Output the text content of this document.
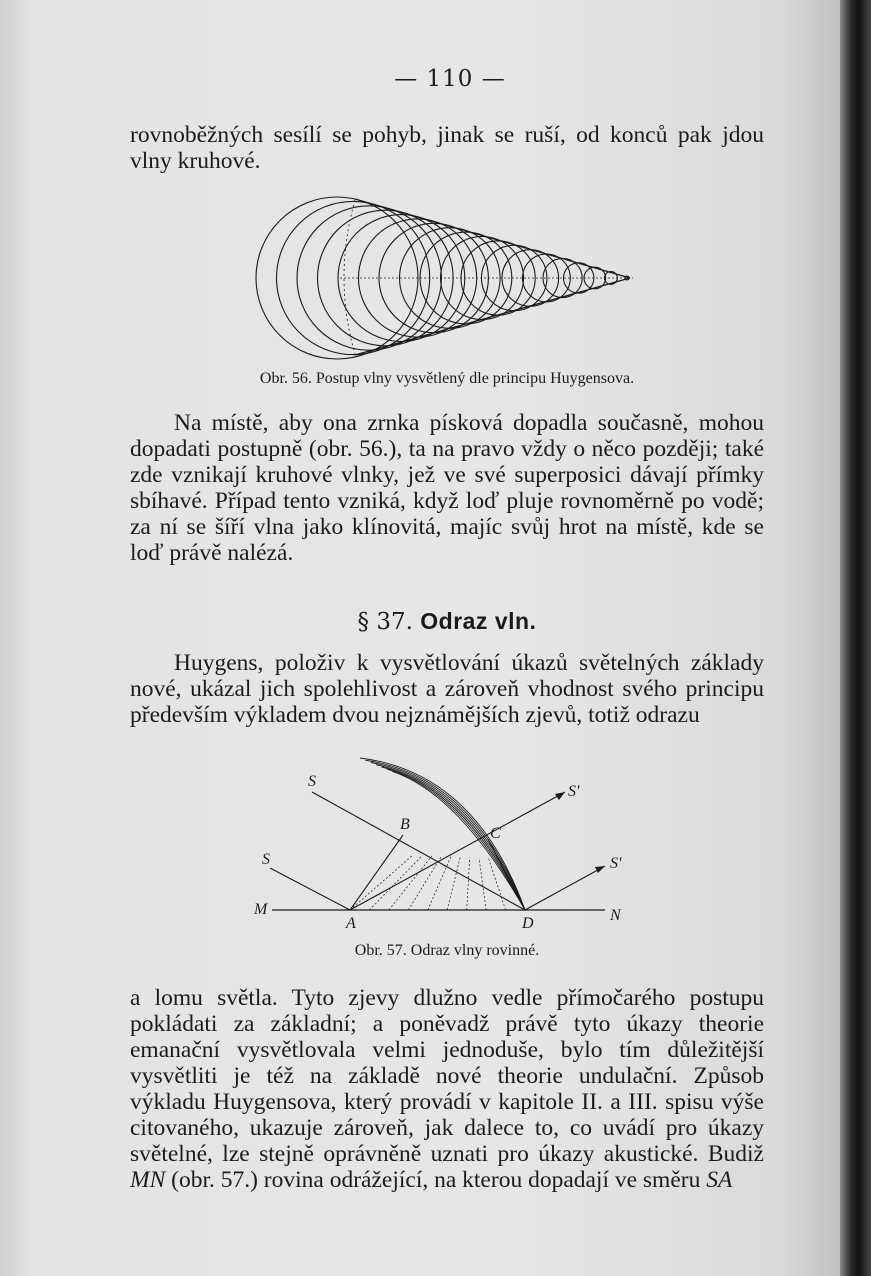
— 110 —

rovnoběžných sesílí se pohyb, jinak se ruší, od konců pak jdou vlny kruhové.

Obr. 56. Postup vlny vysvětlený dle principu Huygensova.

Na místě, aby ona zrnka písková dopadla současně, mohou dopadati postupně (obr. 56.), ta na pravo vždy o něco později; také zde vznikají kruhové vlnky, jež ve své superposici dávají přímky sbíhavé. Případ tento vzniká, když loď pluje rovnoměrně po vodě; za ní se šíří vlna jako klínovitá, majíc svůj hrot na místě, kde se loď právě nalézá.

§ 37. Odraz vln.

Huygens, položiv k vysvětlování úkazů světelných základy nové, ukázal jich spolehlivost a zároveň vhodnost svého principu především výkladem dvou nejznámějších zjevů, totiž odrazu

S
S
S'
S'
B
C
M
A	D	N
Obr. 57. Odraz vlny rovinné.

a lomu světla. Tyto zjevy dlužno vedle přímočarého postupu pokládati za základní; a poněvadž právě tyto úkazy theorie emanační vysvětlovala velmi jednoduše, bylo tím důležitější vysvětliti je též na základě nové theorie undulační. Způsob výkladu Huygensova, který provádí v kapitole II. a III. spisu výše citovaného, ukazuje zároveň, jak dalece to, co uvádí pro úkazy světelné, lze stejně oprávněně uznati pro úkazy akustické. Budiž MN (obr. 57.) rovina odrážející, na kterou dopadají ve směru SA
